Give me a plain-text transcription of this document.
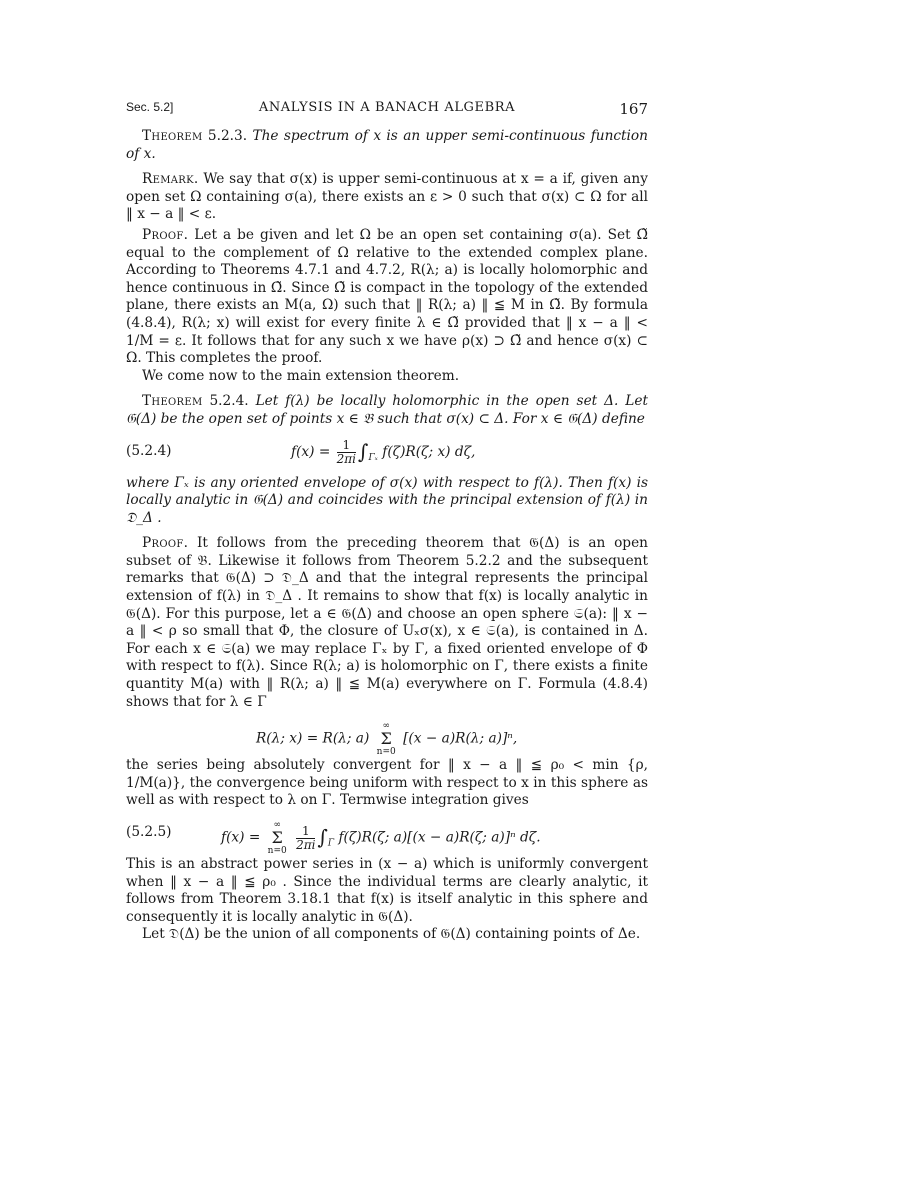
Sec. 5.2]	ANALYSIS IN A BANACH ALGEBRA	167

Theorem 5.2.3. The spectrum of x is an upper semi-continuous function of x.

Remark. We say that σ(x) is upper semi-continuous at x = a if, given any open set Ω containing σ(a), there exists an ε > 0 such that σ(x) ⊂ Ω for all ‖ x − a ‖ < ε.

Proof. Let a be given and let Ω be an open set containing σ(a). Set Ω̃ equal to the complement of Ω relative to the extended complex plane. According to Theorems 4.7.1 and 4.7.2, R(λ; a) is locally holomorphic and hence continuous in Ω̃. Since Ω̃ is compact in the topology of the extended plane, there exists an M(a, Ω) such that ‖ R(λ; a) ‖ ≦ M in Ω̃. By formula (4.8.4), R(λ; x) will exist for every finite λ ∈ Ω̃ provided that ‖ x − a ‖ < 1/M = ε. It follows that for any such x we have ρ(x) ⊃ Ω̃ and hence σ(x) ⊂ Ω. This completes the proof.

We come now to the main extension theorem.

Theorem 5.2.4. Let f(λ) be locally holomorphic in the open set Δ. Let 𝔊(Δ) be the open set of points x ∈ 𝔅 such that σ(x) ⊂ Δ. For x ∈ 𝔊(Δ) define

(5.2.4)	$f(x) = \frac{1}{2\pi i} \int_{\Gamma_x}$ f(ζ)R(ζ; x) dζ,

where Γₓ is any oriented envelope of σ(x) with respect to f(λ). Then f(x) is locally analytic in 𝔊(Δ) and coincides with the principal extension of f(λ) in 𝔇_Δ .

Proof. It follows from the preceding theorem that 𝔊(Δ) is an open subset of 𝔅. Likewise it follows from Theorem 5.2.2 and the subsequent remarks that 𝔊(Δ) ⊃ 𝔇_Δ and that the integral represents the principal extension of f(λ) in 𝔇_Δ . It remains to show that f(x) is locally analytic in 𝔊(Δ). For this purpose, let a ∈ 𝔊(Δ) and choose an open sphere 𝔖(a): ‖ x − a ‖ < ρ so small that Φ, the closure of Uₓσ(x), x ∈ 𝔖(a), is contained in Δ. For each x ∈ 𝔖(a) we may replace Γₓ by Γ, a fixed oriented envelope of Φ with respect to f(λ). Since R(λ; a) is holomorphic on Γ, there exists a finite quantity M(a) with ‖ R(λ; a) ‖ ≦ M(a) everywhere on Γ. Formula (4.8.4) shows that for λ ∈ Γ

R(λ; x) = R(λ; a)
∞
Σ
n=0
[(x − a)R(λ; a)]ⁿ,

the series being absolutely convergent for ‖ x − a ‖ ≦ ρ₀ < min {ρ, 1/M(a)}, the convergence being uniform with respect to x in this sphere as well as with respect to λ on Γ. Termwise integration gives

(5.2.5)	f(x) =
∞
Σ
n=0
$\frac{1}{2\pi i} \int_\Gamma$ f(ζ)R(ζ; a)[(x − a)R(ζ; a)]ⁿ dζ.

This is an abstract power series in (x − a) which is uniformly convergent when ‖ x − a ‖ ≦ ρ₀ . Since the individual terms are clearly analytic, it follows from Theorem 3.18.1 that f(x) is itself analytic in this sphere and consequently it is locally analytic in 𝔊(Δ).

Let 𝔇(Δ) be the union of all components of 𝔊(Δ) containing points of Δe.
